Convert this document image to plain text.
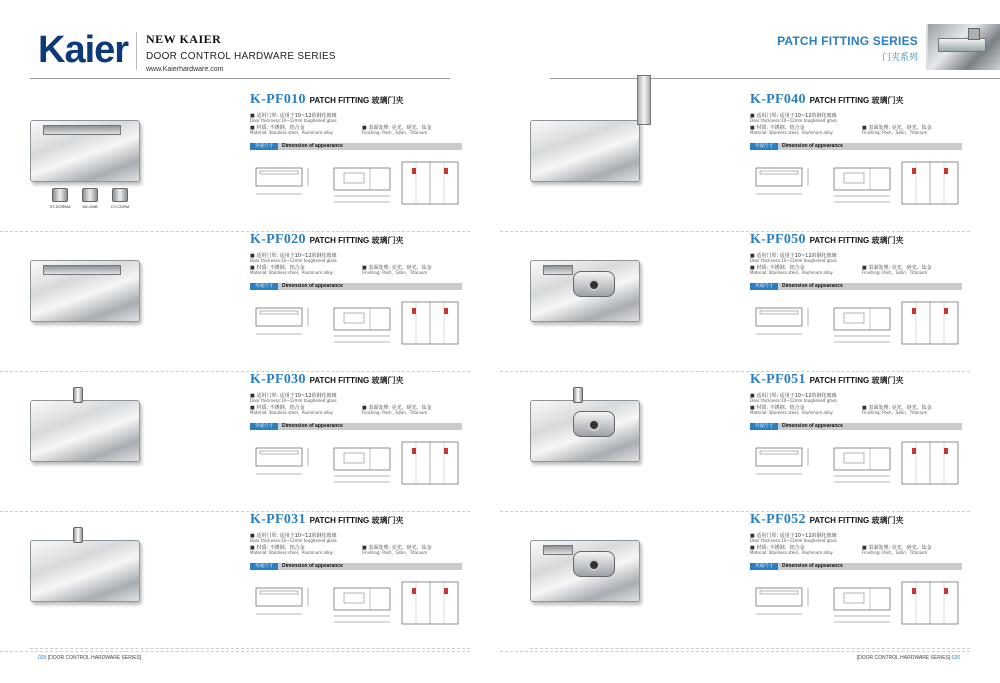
Kaier	NEW KAIER
DOOR CONTROL HARDWARE SERIES
www.Kaierhardware.com
PATCH FITTING SERIES
门夹系列
ST-DORMA	M1-M4B	CY-CDRM
K-PF010 PATCH FITTING 玻璃门夹
■ 适用门厚: 适用于10~12的钢化玻璃
Door thickness:10~12mm toughened glass
■ 材质: 不锈钢、铝合金
Material: Stainless steel、Aluminum alloy
■ 表面处理: 亮光、砂光、钛金
Finishing: Posh、Satin、Titanium
外观尺寸	Dimension of appearance
K-PF020 PATCH FITTING 玻璃门夹
■ 适用门厚: 适用于10~12的钢化玻璃
Door thickness:10~12mm toughened glass
■ 材质: 不锈钢、铝合金
Material: Stainless steel、Aluminum alloy
■ 表面处理: 亮光、砂光、钛金
Finishing: Posh、Satin、Titanium
外观尺寸	Dimension of appearance
K-PF030 PATCH FITTING 玻璃门夹
■ 适用门厚: 适用于10~12的钢化玻璃
Door thickness:10~12mm toughened glass
■ 材质: 不锈钢、铝合金
Material: Stainless steel、Aluminum alloy
■ 表面处理: 亮光、砂光、钛金
Finishing: Posh、Satin、Titanium
外观尺寸	Dimension of appearance
K-PF031 PATCH FITTING 玻璃门夹
■ 适用门厚: 适用于10~12的钢化玻璃
Door thickness:10~12mm toughened glass
■ 材质: 不锈钢、铝合金
Material: Stainless steel、Aluminum alloy
■ 表面处理: 亮光、砂光、钛金
Finishing: Posh、Satin、Titanium
外观尺寸	Dimension of appearance
K-PF040 PATCH FITTING 玻璃门夹
■ 适用门厚: 适用于10~12的钢化玻璃
Door thickness:10~12mm toughened glass
■ 材质: 不锈钢、铝合金
Material: Stainless steel、Aluminum alloy
■ 表面处理: 亮光、砂光、钛金
Finishing: Posh、Satin、Titanium
外观尺寸	Dimension of appearance
K-PF050 PATCH FITTING 玻璃门夹
■ 适用门厚: 适用于10~12的钢化玻璃
Door thickness:10~12mm toughened glass
■ 材质: 不锈钢、铝合金
Material: Stainless steel、Aluminum alloy
■ 表面处理: 亮光、砂光、钛金
Finishing: Posh、Satin、Titanium
外观尺寸	Dimension of appearance
K-PF051 PATCH FITTING 玻璃门夹
■ 适用门厚: 适用于10~12的钢化玻璃
Door thickness:10~12mm toughened glass
■ 材质: 不锈钢、铝合金
Material: Stainless steel、Aluminum alloy
■ 表面处理: 亮光、砂光、钛金
Finishing: Posh、Satin、Titanium
外观尺寸	Dimension of appearance
K-PF052 PATCH FITTING 玻璃门夹
■ 适用门厚: 适用于10~12的钢化玻璃
Door thickness:10~12mm toughened glass
■ 材质: 不锈钢、铝合金
Material: Stainless steel、Aluminum alloy
■ 表面处理: 亮光、砂光、钛金
Finishing: Posh、Satin、Titanium
外观尺寸	Dimension of appearance
025 [DOOR CONTROL HARDWARE SERIES]	[DOOR CONTROL HARDWARE SERIES] 026
